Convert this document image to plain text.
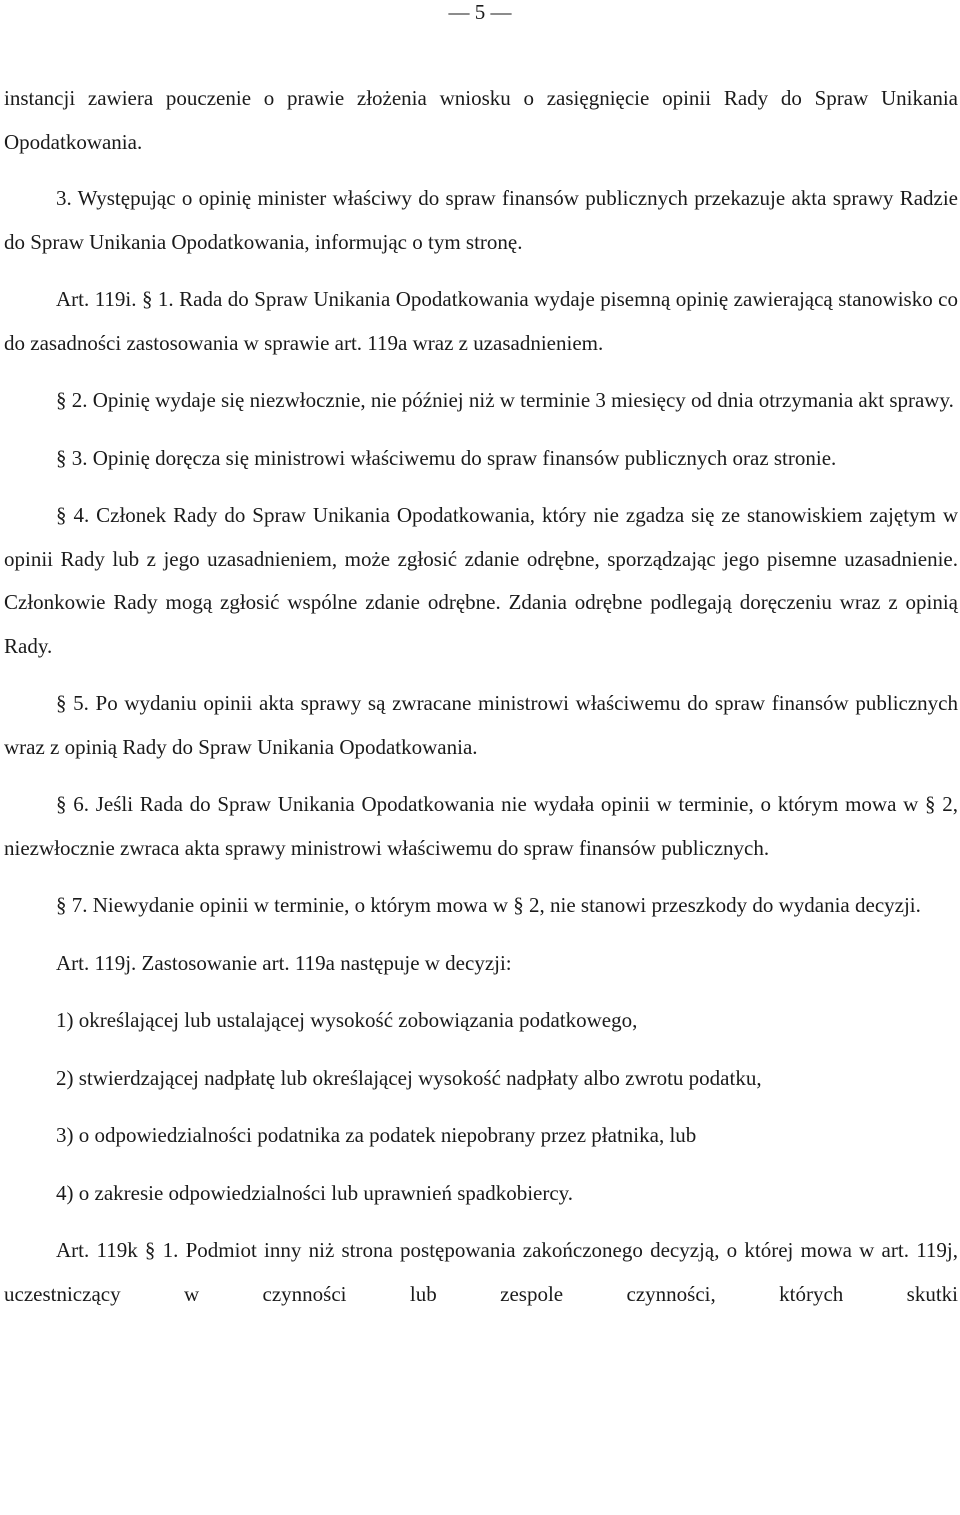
— 5 —

instancji zawiera pouczenie o prawie złożenia wniosku o zasięgnięcie opinii Rady do Spraw Unikania Opodatkowania.

3. Występując o opinię minister właściwy do spraw finansów publicznych przekazuje akta sprawy Radzie do Spraw Unikania Opodatkowania, informując o tym stronę.

Art. 119i. § 1. Rada do Spraw Unikania Opodatkowania wydaje pisemną opinię zawierającą stanowisko co do zasadności zastosowania w sprawie art. 119a wraz z uzasadnieniem.

§ 2. Opinię wydaje się niezwłocznie, nie później niż w terminie 3 miesięcy od dnia otrzymania akt sprawy.

§ 3. Opinię doręcza się ministrowi właściwemu do spraw finansów publicznych oraz stronie.

§ 4. Członek Rady do Spraw Unikania Opodatkowania, który nie zgadza się ze stanowiskiem zajętym w opinii Rady lub z jego uzasadnieniem, może zgłosić zdanie odrębne, sporządzając jego pisemne uzasadnienie. Członkowie Rady mogą zgłosić wspólne zdanie odrębne. Zdania odrębne podlegają doręczeniu wraz z opinią Rady.

§ 5. Po wydaniu opinii akta sprawy są zwracane ministrowi właściwemu do spraw finansów publicznych wraz z opinią Rady do Spraw Unikania Opodatkowania.

§ 6. Jeśli Rada do Spraw Unikania Opodatkowania nie wydała opinii w terminie, o którym mowa w § 2, niezwłocznie zwraca akta sprawy ministrowi właściwemu do spraw finansów publicznych.

§ 7. Niewydanie opinii w terminie, o którym mowa w § 2, nie stanowi przeszkody do wydania decyzji.

Art. 119j. Zastosowanie art. 119a następuje w decyzji:

1) określającej lub ustalającej wysokość zobowiązania podatkowego,

2) stwierdzającej nadpłatę lub określającej wysokość nadpłaty albo zwrotu podatku,

3) o odpowiedzialności podatnika za podatek niepobrany przez płatnika, lub

4) o zakresie odpowiedzialności lub uprawnień spadkobiercy.

Art. 119k § 1. Podmiot inny niż strona postępowania zakończonego decyzją, o której mowa w art. 119j, uczestniczący w czynności lub zespole czynności, których skutki
